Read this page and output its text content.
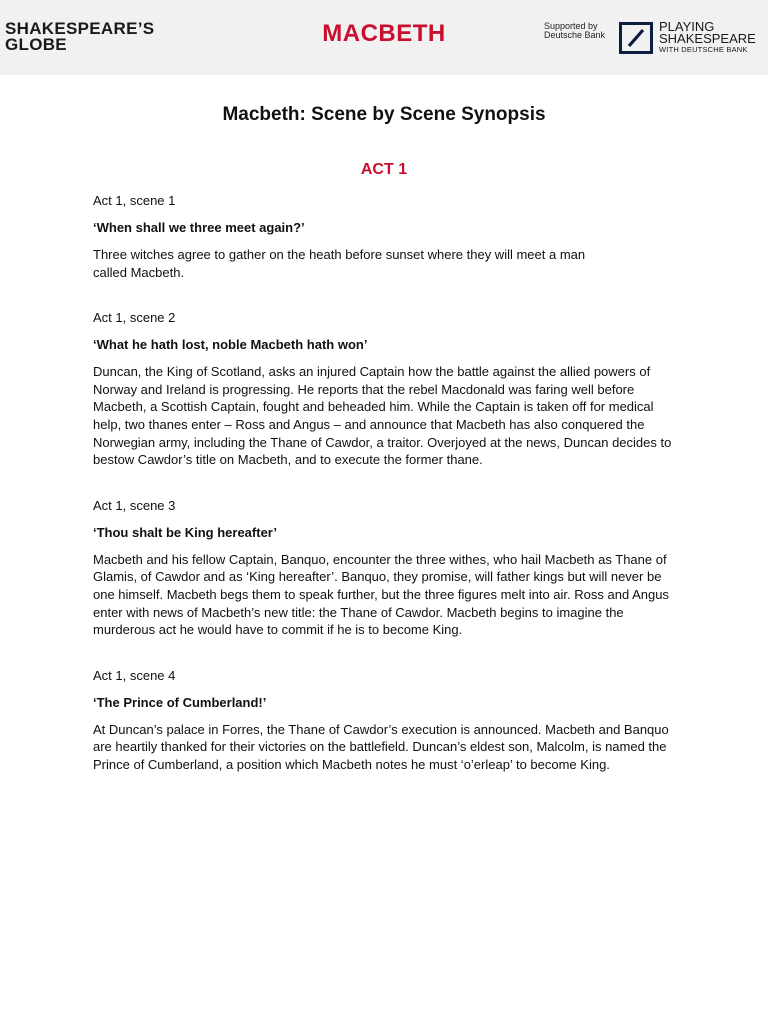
SHAKESPEARE’S
GLOBE	MACBETH	Supported by
Deutsche Bank
PLAYING
SHAKESPEARE
WITH DEUTSCHE BANK
Macbeth: Scene by Scene Synopsis
ACT 1

Act 1, scene 1

‘When shall we three meet again?’

Three witches agree to gather on the heath before sunset where they will meet a man called Macbeth.

Act 1, scene 2

‘What he hath lost, noble Macbeth hath won’

Duncan, the King of Scotland, asks an injured Captain how the battle against the allied powers of Norway and Ireland is progressing. He reports that the rebel Macdonald was faring well before Macbeth, a Scottish Captain, fought and beheaded him. While the Captain is taken off for medical help, two thanes enter – Ross and Angus – and announce that Macbeth has also conquered the Norwegian army, including the Thane of Cawdor, a traitor. Overjoyed at the news, Duncan decides to bestow Cawdor’s title on Macbeth, and to execute the former thane.

Act 1, scene 3

‘Thou shalt be King hereafter’

Macbeth and his fellow Captain, Banquo, encounter the three withes, who hail Macbeth as Thane of Glamis, of Cawdor and as ‘King hereafter’. Banquo, they promise, will father kings but will never be one himself. Macbeth begs them to speak further, but the three figures melt into air. Ross and Angus enter with news of Macbeth’s new title: the Thane of Cawdor. Macbeth begins to imagine the murderous act he would have to commit if he is to become King.

Act 1, scene 4

‘The Prince of Cumberland!’

At Duncan’s palace in Forres, the Thane of Cawdor’s execution is announced. Macbeth and Banquo are heartily thanked for their victories on the battlefield. Duncan’s eldest son, Malcolm, is named the Prince of Cumberland, a position which Macbeth notes he must ‘o’erleap’ to become King.
